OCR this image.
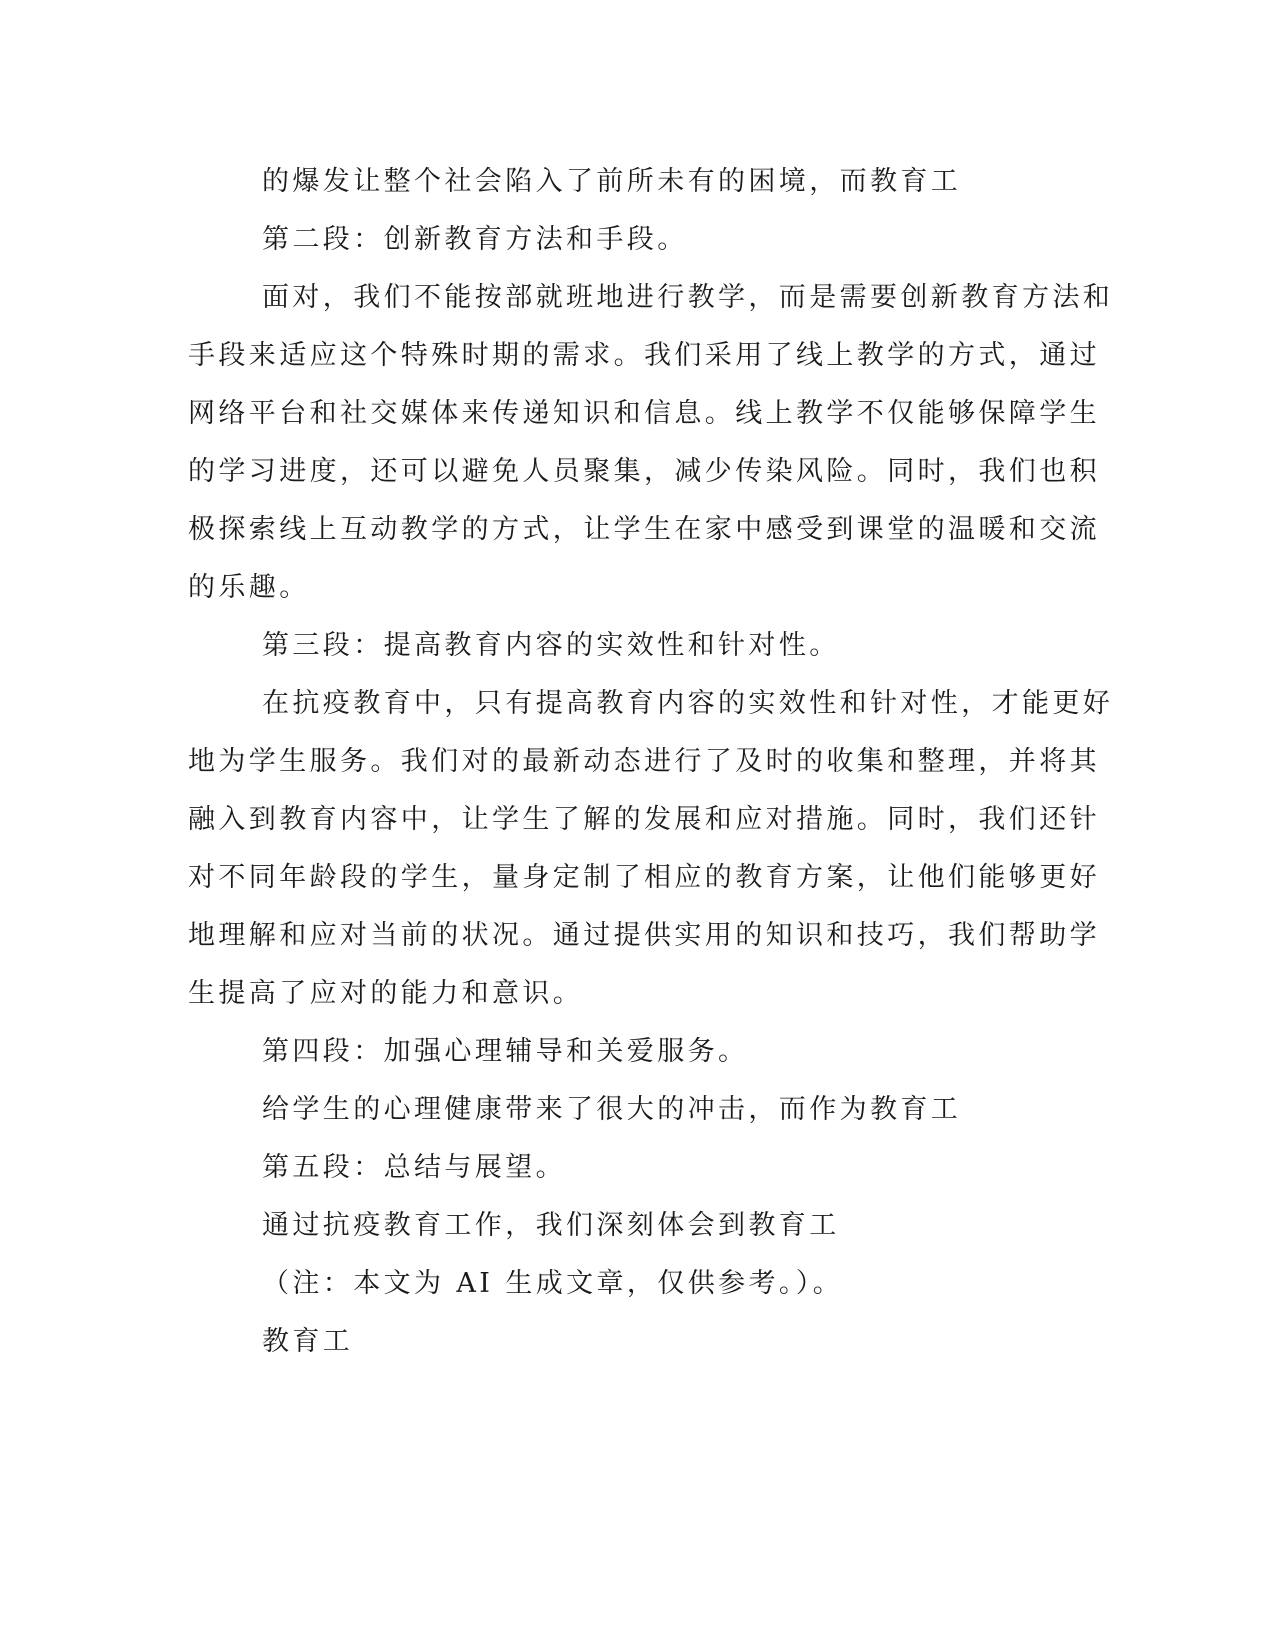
的爆发让整个社会陷入了前所未有的困境，而教育工

第二段：创新教育方法和手段。

面对，我们不能按部就班地进行教学，而是需要创新教育方法和

手段来适应这个特殊时期的需求。我们采用了线上教学的方式，通过

网络平台和社交媒体来传递知识和信息。线上教学不仅能够保障学生

的学习进度，还可以避免人员聚集，减少传染风险。同时，我们也积

极探索线上互动教学的方式，让学生在家中感受到课堂的温暖和交流

的乐趣。

第三段：提高教育内容的实效性和针对性。

在抗疫教育中，只有提高教育内容的实效性和针对性，才能更好

地为学生服务。我们对的最新动态进行了及时的收集和整理，并将其

融入到教育内容中，让学生了解的发展和应对措施。同时，我们还针

对不同年龄段的学生，量身定制了相应的教育方案，让他们能够更好

地理解和应对当前的状况。通过提供实用的知识和技巧，我们帮助学

生提高了应对的能力和意识。

第四段：加强心理辅导和关爱服务。

给学生的心理健康带来了很大的冲击，而作为教育工

第五段：总结与展望。

通过抗疫教育工作，我们深刻体会到教育工

（注：本文为 AI 生成文章，仅供参考。）。

教育工
